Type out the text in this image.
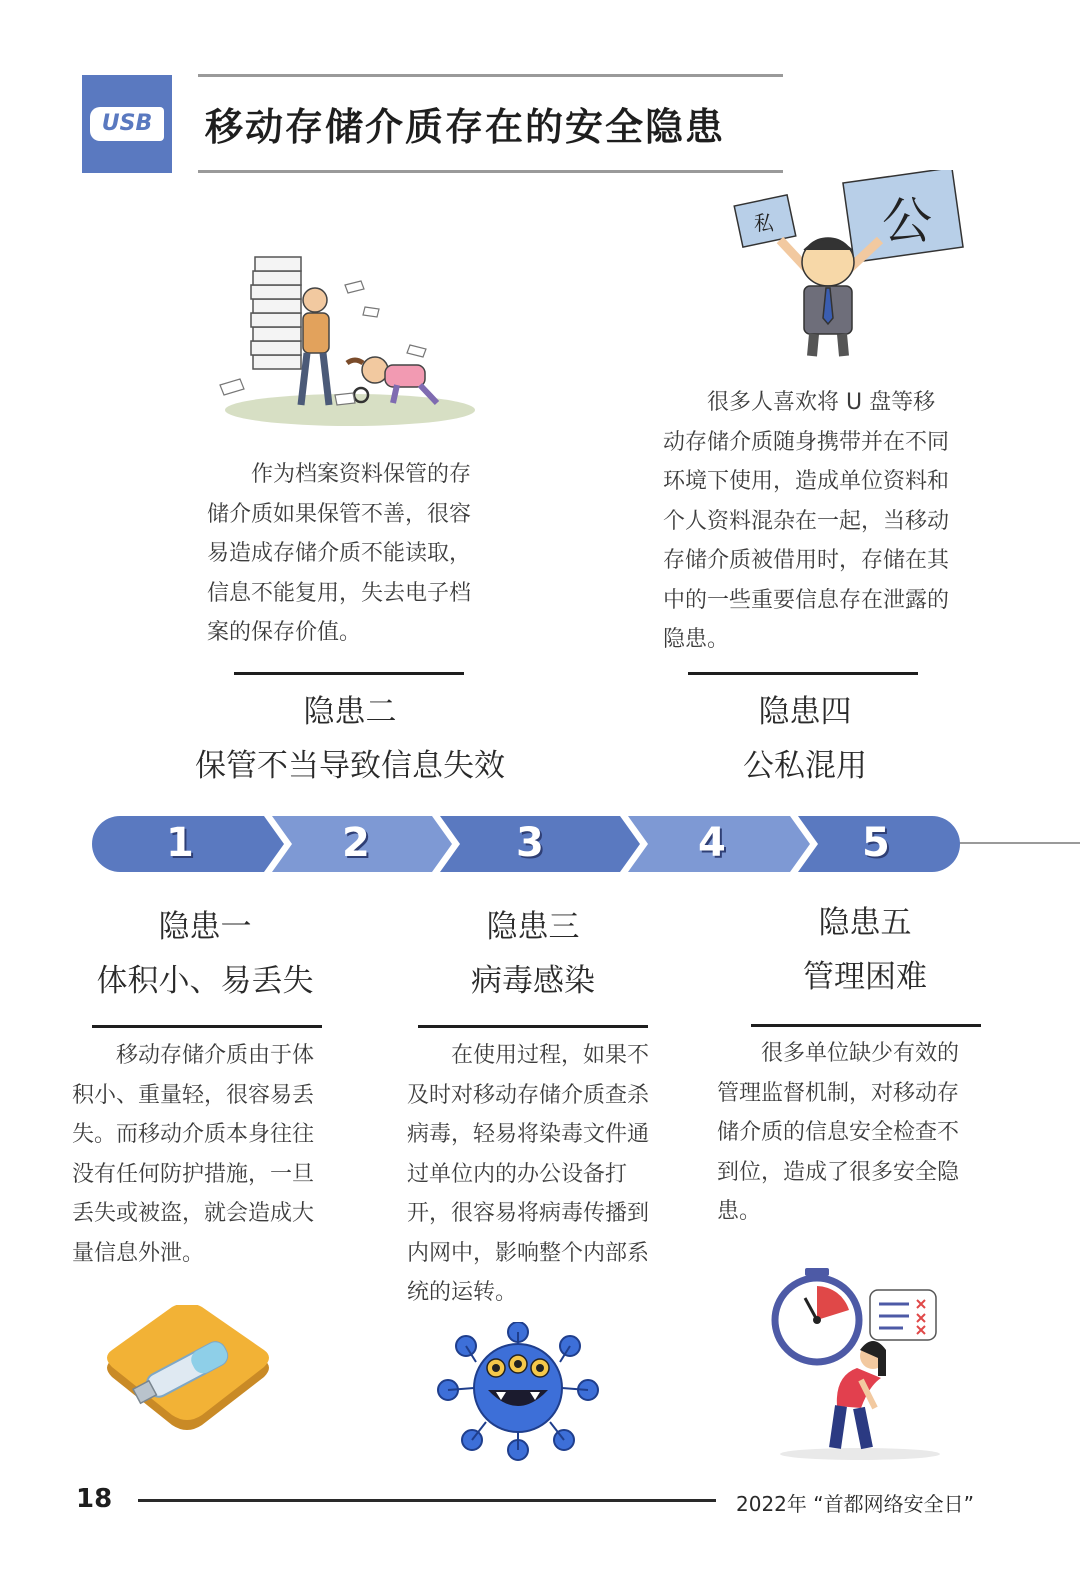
USB	移动存储介质存在的安全隐患
私 公

作为档案资料保管的存储介质如果保管不善，很容易造成存储介质不能读取，信息不能复用，失去电子档案的保存价值。

隐患二
保管不当导致信息失效

很多人喜欢将 U 盘等移动存储介质随身携带并在不同环境下使用，造成单位资料和个人资料混杂在一起，当移动存储介质被借用时，存储在其中的一些重要信息存在泄露的隐患。

隐患四
公私混用
1	2	3	4	5
隐患一
体积小、易丢失

移动存储介质由于体积小、重量轻，很容易丢失。而移动介质本身往往没有任何防护措施，一旦丢失或被盗，就会造成大量信息外泄。

隐患三
病毒感染

在使用过程，如果不及时对移动存储介质查杀病毒，轻易将染毒文件通过单位内的办公设备打开，很容易将病毒传播到内网中，影响整个内部系统的运转。

隐患五
管理困难

很多单位缺少有效的管理监督机制，对移动存储介质的信息安全检查不到位，造成了很多安全隐患。

18	2022年 “首都网络安全日”
